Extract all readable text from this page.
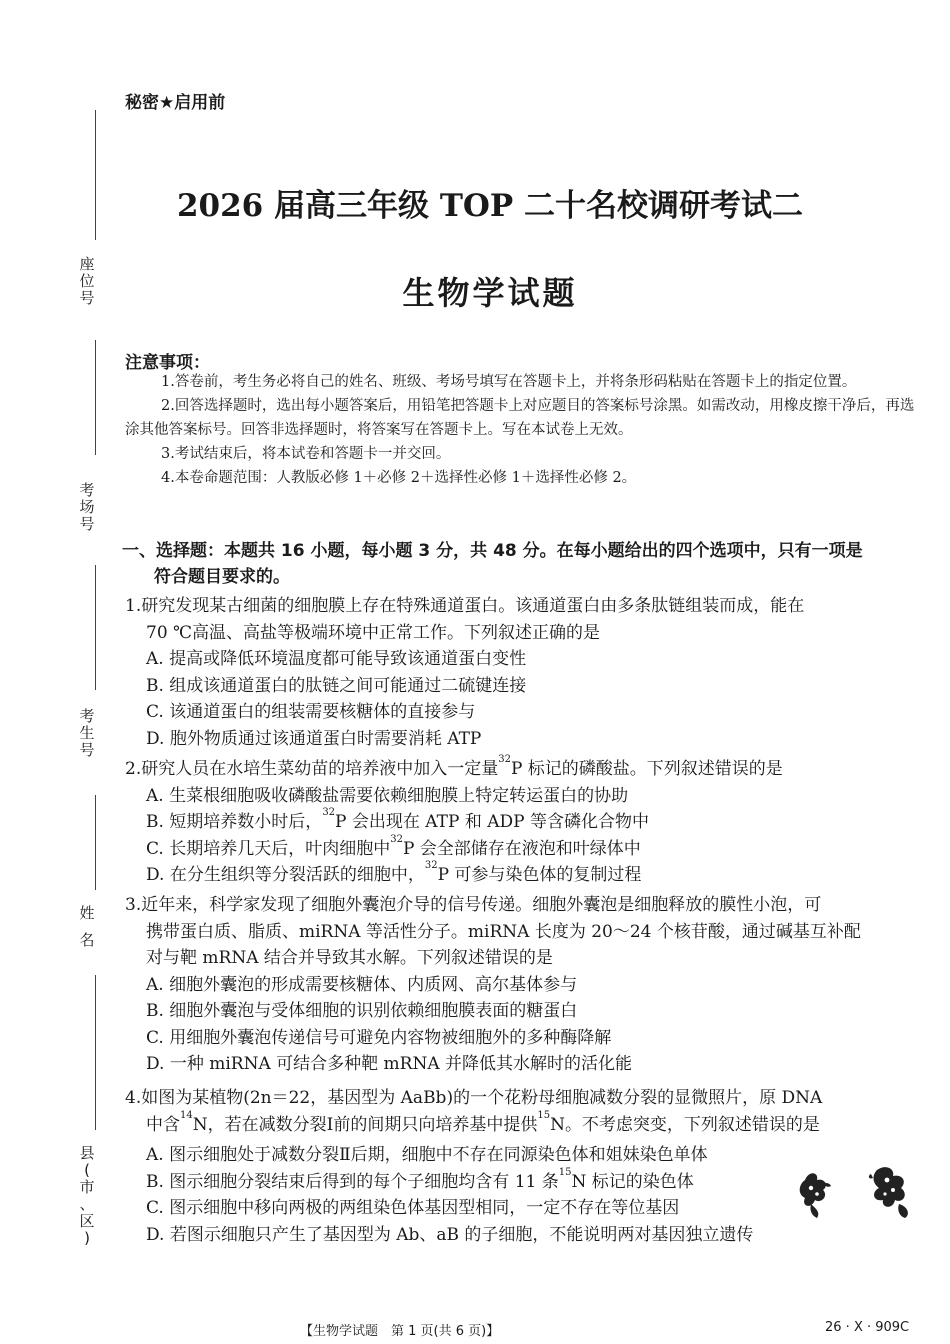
座
位
号
考
场
号
考
生
号
姓
名
县
(
市
、
区
)
秘密★启用前
2026 届高三年级 TOP 二十名校调研考试二
生物学试题
注意事项：

1.答卷前，考生务必将自己的姓名、班级、考场号填写在答题卡上，并将条形码粘贴在答题卡上的指定位置。

2.回答选择题时，选出每小题答案后，用铅笔把答题卡上对应题目的答案标号涂黑。如需改动，用橡皮擦干净后，再选涂其他答案标号。回答非选择题时，将答案写在答题卡上。写在本试卷上无效。

3.考试结束后，将本试卷和答题卡一并交回。

4.本卷命题范围：人教版必修 1＋必修 2＋选择性必修 1＋选择性必修 2。

一、选择题：本题共 16 小题，每小题 3 分，共 48 分。在每小题给出的四个选项中，只有一项是
符合题目要求的。

1.研究发现某古细菌的细胞膜上存在特殊通道蛋白。该通道蛋白由多条肽链组装而成，能在

70 ℃高温、高盐等极端环境中正常工作。下列叙述正确的是

A. 提高或降低环境温度都可能导致该通道蛋白变性

B. 组成该通道蛋白的肽链之间可能通过二硫键连接

C. 该通道蛋白的组装需要核糖体的直接参与

D. 胞外物质通过该通道蛋白时需要消耗 ATP

2.研究人员在水培生菜幼苗的培养液中加入一定量$^{32}$P 标记的磷酸盐。下列叙述错误的是

A. 生菜根细胞吸收磷酸盐需要依赖细胞膜上特定转运蛋白的协助

B. 短期培养数小时后，$^{32}$P 会出现在 ATP 和 ADP 等含磷化合物中

C. 长期培养几天后，叶肉细胞中$^{32}$P 会全部储存在液泡和叶绿体中

D. 在分生组织等分裂活跃的细胞中，$^{32}$P 可参与染色体的复制过程

3.近年来，科学家发现了细胞外囊泡介导的信号传递。细胞外囊泡是细胞释放的膜性小泡，可

携带蛋白质、脂质、miRNA 等活性分子。miRNA 长度为 20～24 个核苷酸，通过碱基互补配

对与靶 mRNA 结合并导致其水解。下列叙述错误的是

A. 细胞外囊泡的形成需要核糖体、内质网、高尔基体参与

B. 细胞外囊泡与受体细胞的识别依赖细胞膜表面的糖蛋白

C. 用细胞外囊泡传递信号可避免内容物被细胞外的多种酶降解

D. 一种 miRNA 可结合多种靶 mRNA 并降低其水解时的活化能

4.如图为某植物(2n＝22，基因型为 AaBb)的一个花粉母细胞减数分裂的显微照片，原 DNA

中含$^{14}$N，若在减数分裂Ⅰ前的间期只向培养基中提供$^{15}$N。不考虑突变，下列叙述错误的是

A. 图示细胞处于减数分裂Ⅱ后期，细胞中不存在同源染色体和姐妹染色单体

B. 图示细胞分裂结束后得到的每个子细胞均含有 11 条$^{15}$N 标记的染色体

C. 图示细胞中移向两极的两组染色体基因型相同，一定不存在等位基因

D. 若图示细胞只产生了基因型为 Ab、aB 的子细胞，不能说明两对基因独立遗传

【生物学试题　第 1 页(共 6 页)】	26 · X · 909C
